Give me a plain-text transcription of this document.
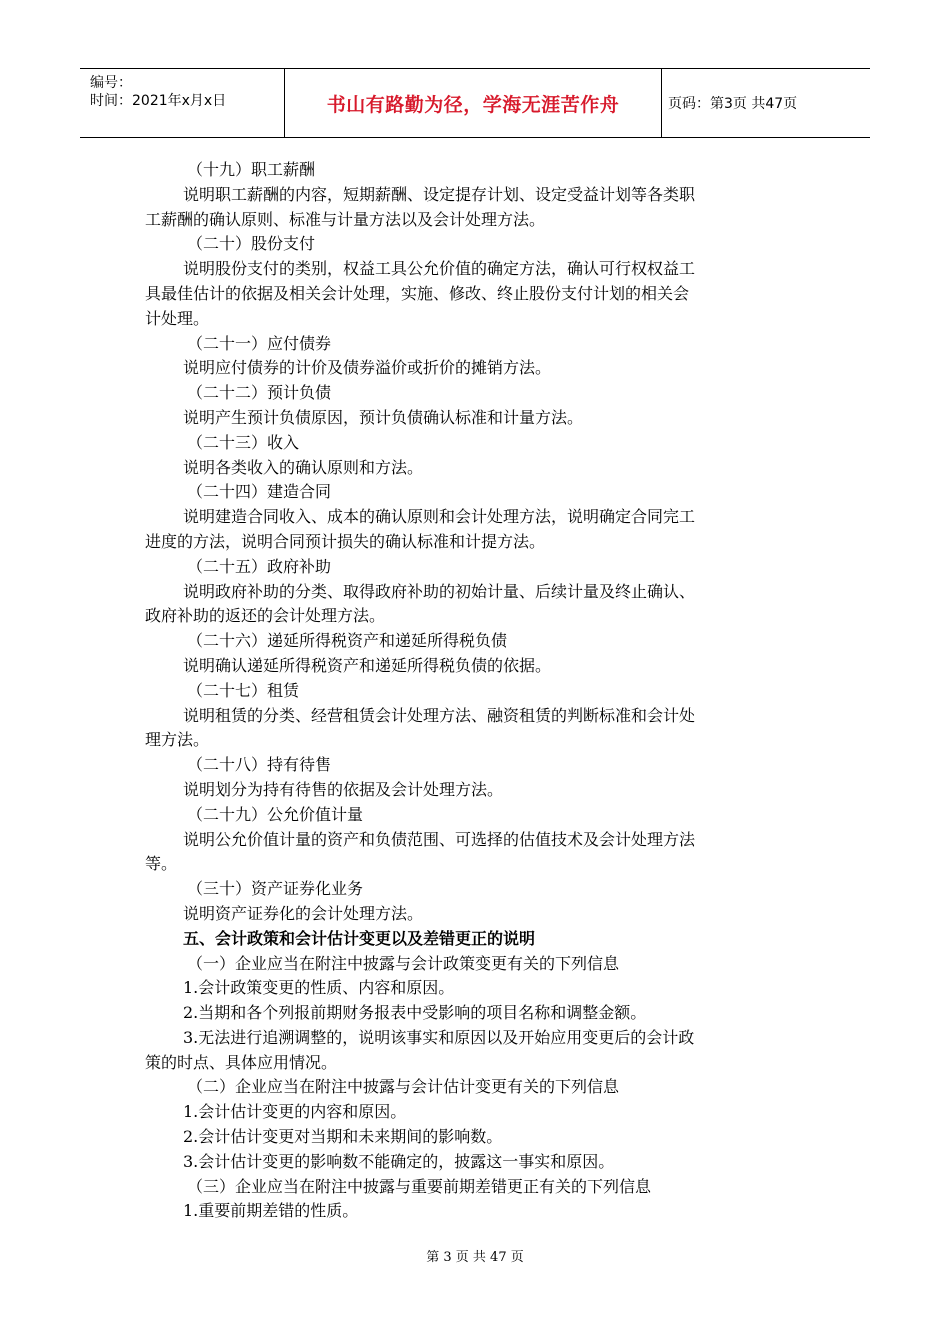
编号：
时间：2021年x月x日	书山有路勤为径，学海无涯苦作舟	页码：第3页 共47页
（十九）职工薪酬
说明职工薪酬的内容，短期薪酬、设定提存计划、设定受益计划等各类职
工薪酬的确认原则、标准与计量方法以及会计处理方法。
（二十）股份支付
说明股份支付的类别，权益工具公允价值的确定方法，确认可行权权益工
具最佳估计的依据及相关会计处理，实施、修改、终止股份支付计划的相关会
计处理。
（二十一）应付债券
说明应付债券的计价及债券溢价或折价的摊销方法。
（二十二）预计负债
说明产生预计负债原因，预计负债确认标准和计量方法。
（二十三）收入
说明各类收入的确认原则和方法。
（二十四）建造合同
说明建造合同收入、成本的确认原则和会计处理方法，说明确定合同完工
进度的方法，说明合同预计损失的确认标准和计提方法。
（二十五）政府补助
说明政府补助的分类、取得政府补助的初始计量、后续计量及终止确认、
政府补助的返还的会计处理方法。
（二十六）递延所得税资产和递延所得税负债
说明确认递延所得税资产和递延所得税负债的依据。
（二十七）租赁
说明租赁的分类、经营租赁会计处理方法、融资租赁的判断标准和会计处
理方法。
（二十八）持有待售
说明划分为持有待售的依据及会计处理方法。
（二十九）公允价值计量
说明公允价值计量的资产和负债范围、可选择的估值技术及会计处理方法
等。
（三十）资产证券化业务
说明资产证券化的会计处理方法。
五、会计政策和会计估计变更以及差错更正的说明
（一）企业应当在附注中披露与会计政策变更有关的下列信息
1.会计政策变更的性质、内容和原因。
2.当期和各个列报前期财务报表中受影响的项目名称和调整金额。
3.无法进行追溯调整的，说明该事实和原因以及开始应用变更后的会计政
策的时点、具体应用情况。
（二）企业应当在附注中披露与会计估计变更有关的下列信息
1.会计估计变更的内容和原因。
2.会计估计变更对当期和未来期间的影响数。
3.会计估计变更的影响数不能确定的，披露这一事实和原因。
（三）企业应当在附注中披露与重要前期差错更正有关的下列信息
1.重要前期差错的性质。
第 3 页 共 47 页
